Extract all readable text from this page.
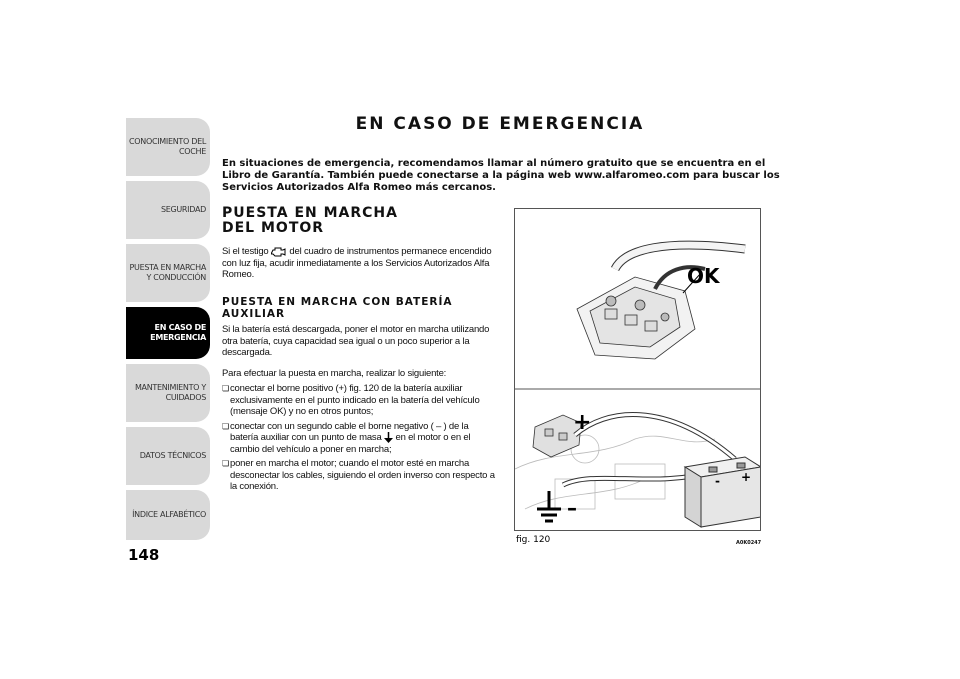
CONOCIMIENTO DEL COCHE
SEGURIDAD
PUESTA EN MARCHA Y CONDUCCIÓN
EN CASO DE EMERGENCIA
MANTENIMIENTO Y CUIDADOS
DATOS TÉCNICOS
ÍNDICE ALFABÉTICO
148
EN CASO DE EMERGENCIA

En situaciones de emergencia, recomendamos llamar al número gratuito que se encuentra en el Libro de Garantía. También puede conectarse a la página web www.alfaromeo.com para buscar los Servicios Autorizados Alfa Romeo más cercanos.

PUESTA EN MARCHA
DEL MOTOR

Si el testigo del cuadro de instrumentos permanece encendido con luz fija, acudir inmediatamente a los Servicios Autorizados Alfa Romeo.

PUESTA EN MARCHA CON BATERÍA
AUXILIAR

Si la batería está descargada, poner el motor en marcha utilizando otra batería, cuya capacidad sea igual o un poco superior a la descargada.

Para efectuar la puesta en marcha, realizar lo siguiente:

❏ conectar el borne positivo (+) fig. 120 de la batería auxiliar exclusivamente en el punto indicado en la batería del vehículo (mensaje OK) y no en otros puntos;
❏ conectar con un segundo cable el borne negativo ( – ) de la batería auxiliar con un punto de masa en el motor o en el cambio del vehículo a poner en marcha;
❏ poner en marcha el motor; cuando el motor esté en marcha desconectar los cables, siguiendo el orden inverso con respecto a la conexión.
OK
+
–
- +
fig. 120	A0K0247
